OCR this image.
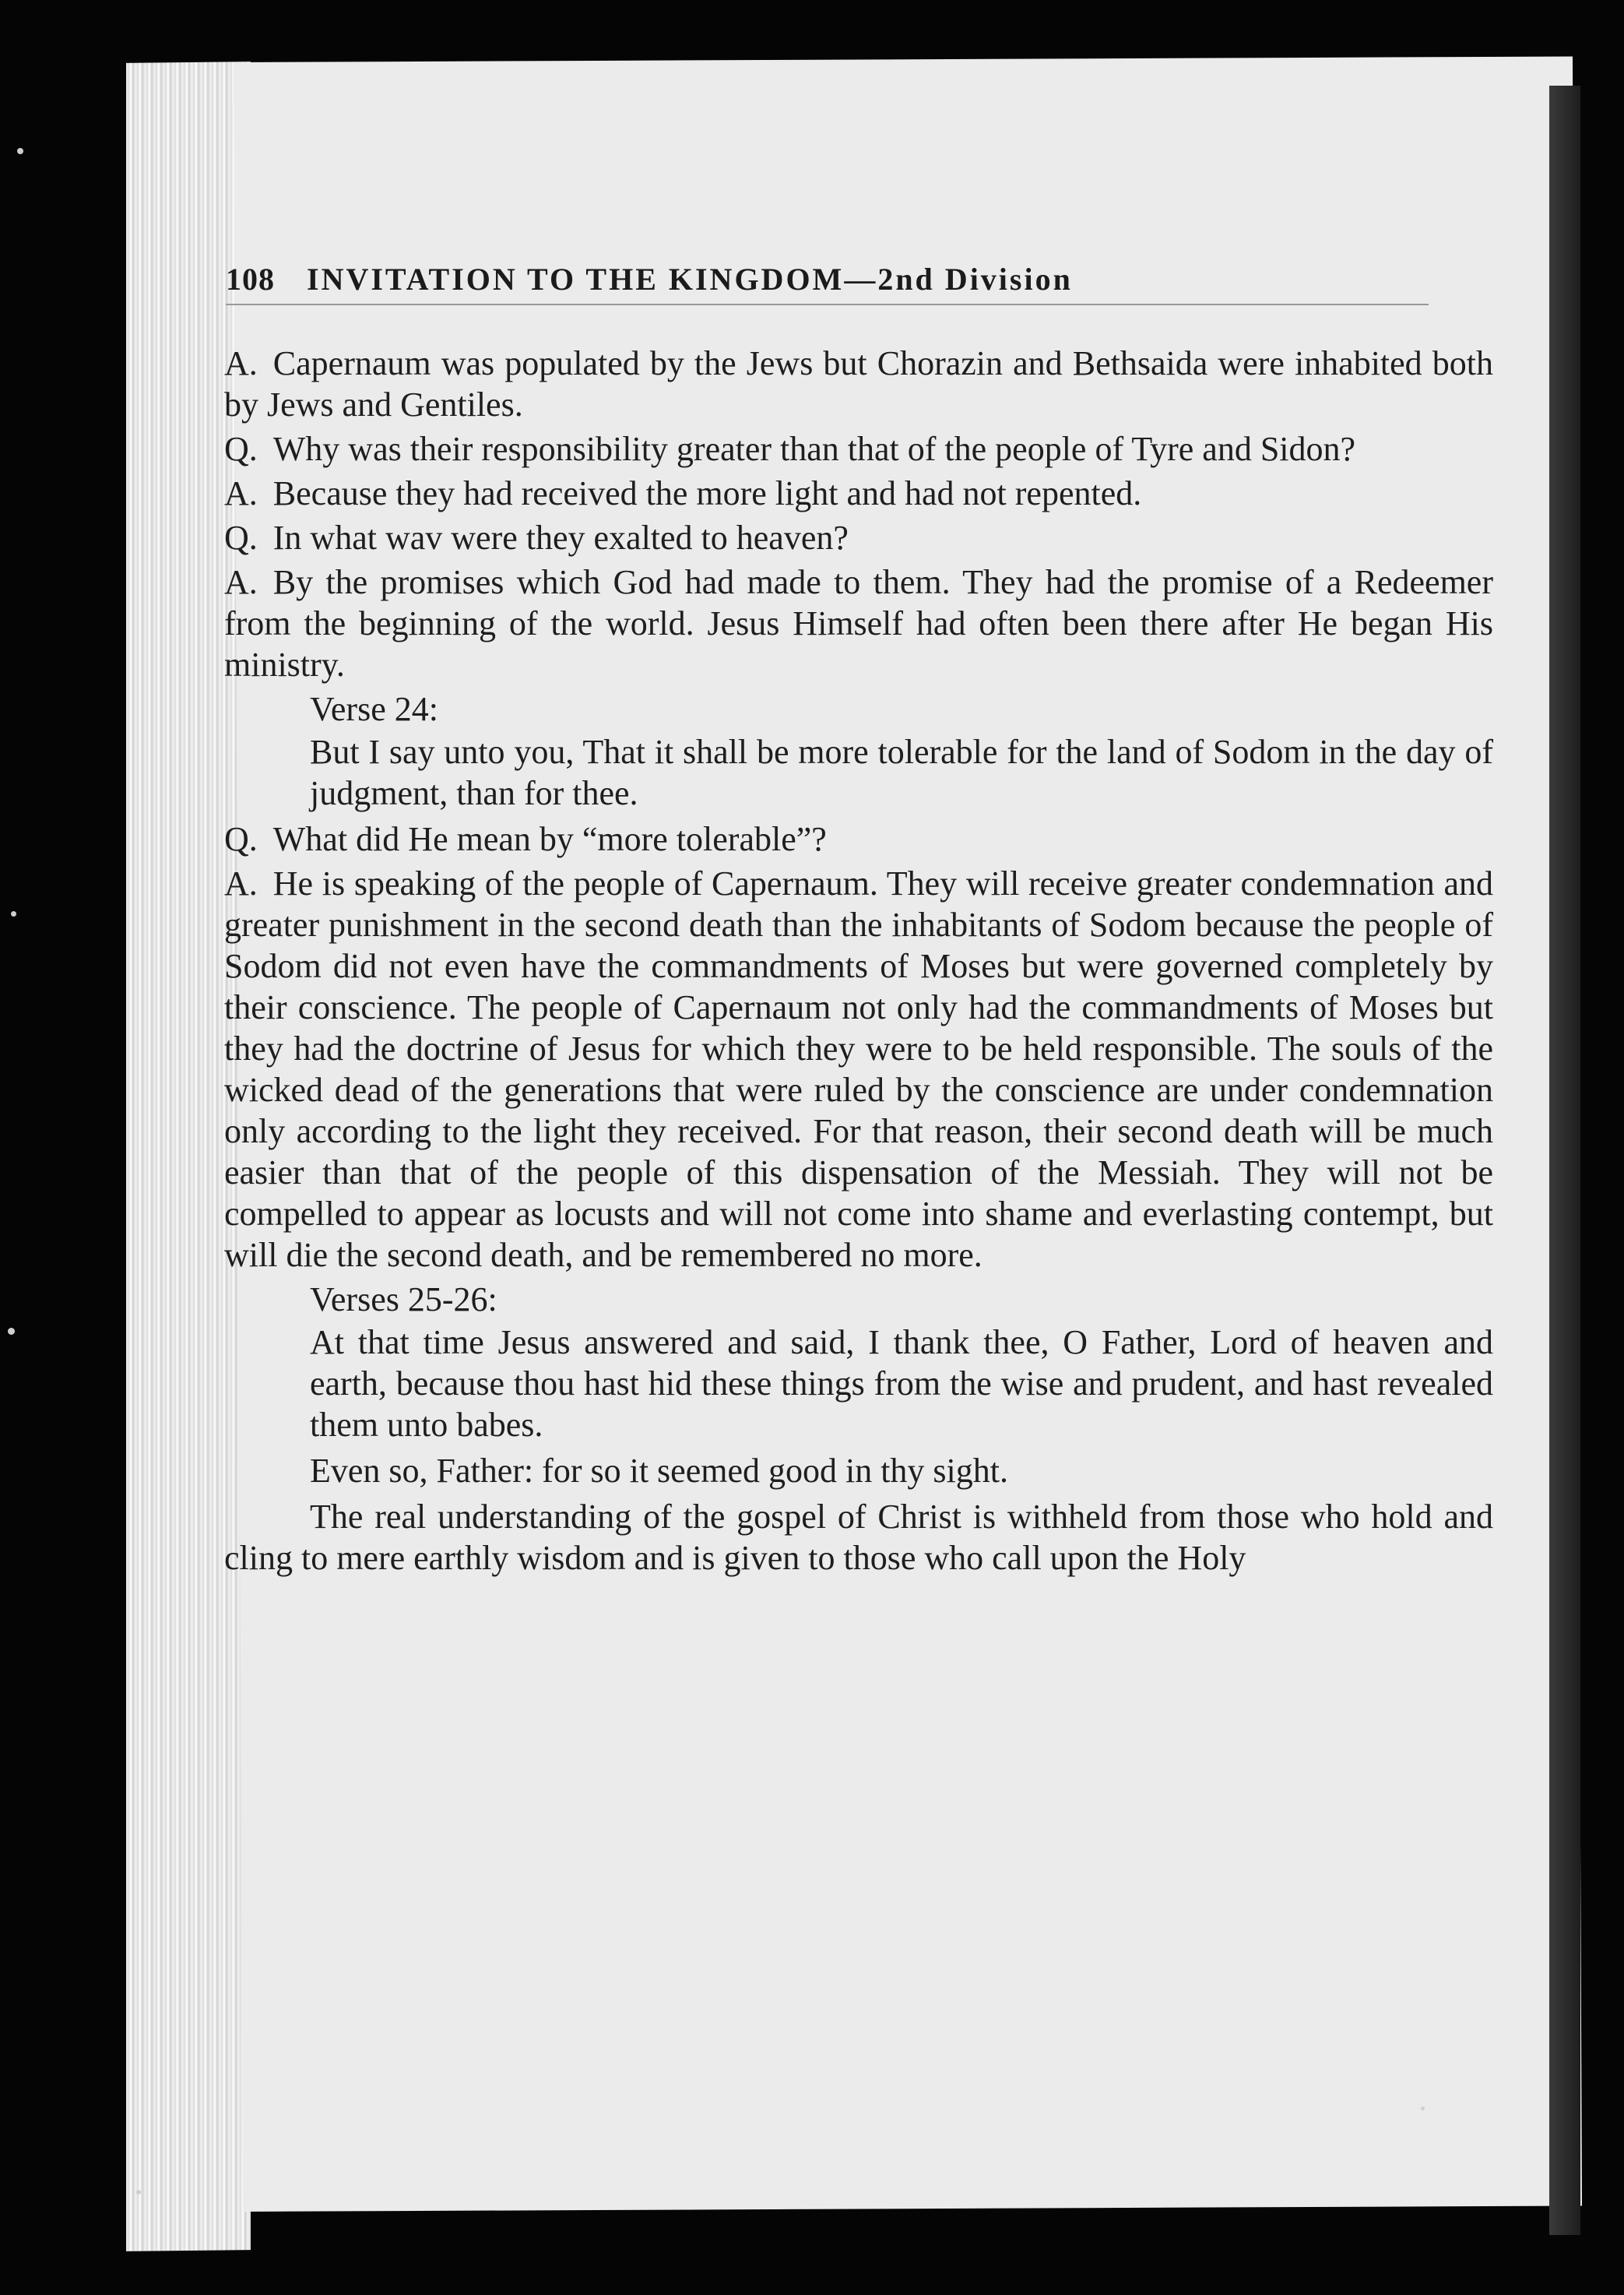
108 INVITATION TO THE KINGDOM—2nd Division

A. Capernaum was populated by the Jews but Chorazin and Bethsaida were inhabited both by Jews and Gentiles.

Q. Why was their responsibility greater than that of the people of Tyre and Sidon?

A. Because they had received the more light and had not repented.

Q. In what wav were they exalted to heaven?

A. By the promises which God had made to them. They had the promise of a Redeemer from the beginning of the world. Jesus Himself had often been there after He began His ministry.

Verse 24:

But I say unto you, That it shall be more tolerable for the land of Sodom in the day of judgment, than for thee.

Q. What did He mean by “more tolerable”?

A. He is speaking of the people of Capernaum. They will receive greater condemnation and greater punishment in the second death than the inhabitants of Sodom because the people of Sodom did not even have the commandments of Moses but were governed completely by their conscience. The people of Capernaum not only had the commandments of Moses but they had the doctrine of Jesus for which they were to be held responsible. The souls of the wicked dead of the generations that were ruled by the conscience are under condemnation only according to the light they received. For that reason, their second death will be much easier than that of the people of this dispensation of the Messiah. They will not be compelled to appear as locusts and will not come into shame and everlasting contempt, but will die the second death, and be remembered no more.

Verses 25-26:

At that time Jesus answered and said, I thank thee, O Father, Lord of heaven and earth, because thou hast hid these things from the wise and prudent, and hast revealed them unto babes.

Even so, Father: for so it seemed good in thy sight.

The real understanding of the gospel of Christ is withheld from those who hold and cling to mere earthly wisdom and is given to those who call upon the Holy
